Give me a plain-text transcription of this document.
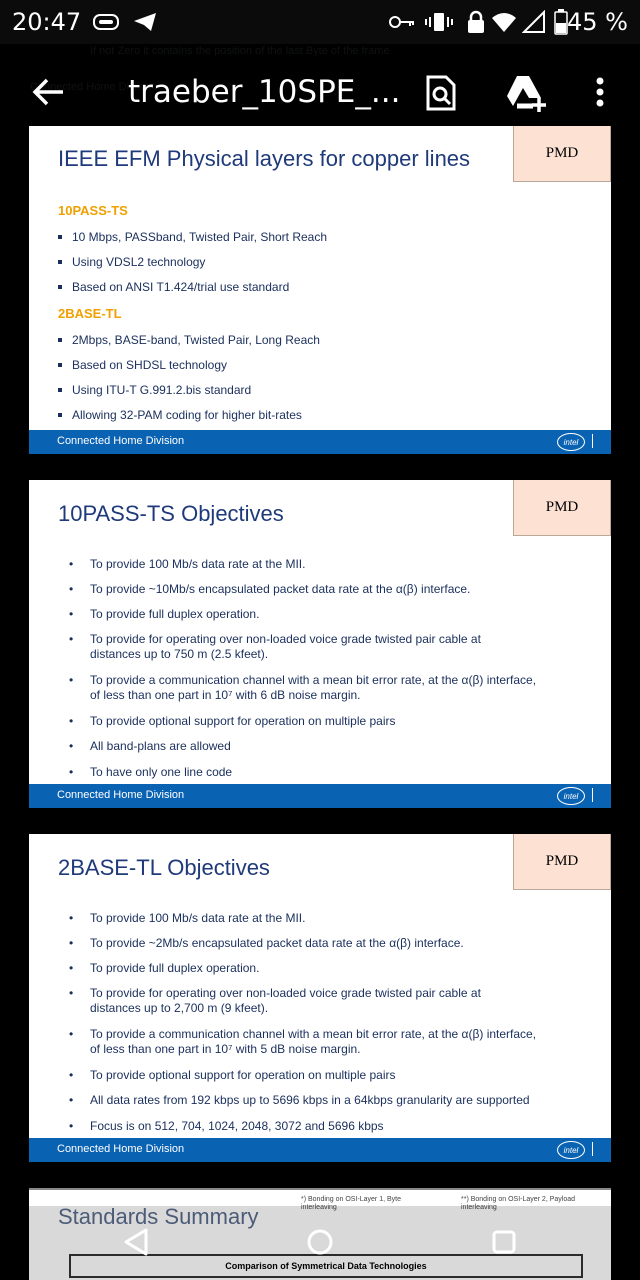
20:47	45 %
traeber_10SPE_...
IEEE EFM Physical layers for copper lines	PMD
10PASS-TS
10 Mbps, PASSband, Twisted Pair, Short Reach
Using VDSL2 technology
Based on ANSI T1.424/trial use standard
2BASE-TL
2Mbps, BASE-band, Twisted Pair, Long Reach
Based on SHDSL technology
Using ITU-T G.991.2.bis standard
Allowing 32-PAM coding for higher bit-rates
Connected Home Division	intel
10PASS-TS Objectives	PMD
• To provide 100 Mb/s data rate at the MII.
• To provide ~10Mb/s encapsulated packet data rate at the α(β) interface.
• To provide full duplex operation.
• To provide for operating over non-loaded voice grade twisted pair cable at
distances up to 750 m (2.5 kfeet).
• To provide a communication channel with a mean bit error rate, at the α(β) interface,
of less than one part in 10⁷ with 6 dB noise margin.
• To provide optional support for operation on multiple pairs
• All band-plans are allowed
• To have only one line code
Connected Home Division	intel
2BASE-TL Objectives	PMD
• To provide 100 Mb/s data rate at the MII.
• To provide ~2Mb/s encapsulated packet data rate at the α(β) interface.
• To provide full duplex operation.
• To provide for operating over non-loaded voice grade twisted pair cable at
distances up to 2,700 m (9 kfeet).
• To provide a communication channel with a mean bit error rate, at the α(β) interface,
of less than one part in 10⁷ with 5 dB noise margin.
• To provide optional support for operation on multiple pairs
• All data rates from 192 kbps up to 5696 kbps in a 64kbps granularity are supported
• Focus is on 512, 704, 1024, 2048, 3072 and 5696 kbps
Connected Home Division	intel
Standards Summary
*) Bonding on OSI-Layer 1, Byte interleaving
**) Bonding on OSI-Layer 2, Payload interleaving
Comparison of Symmetrical Data Technologies
